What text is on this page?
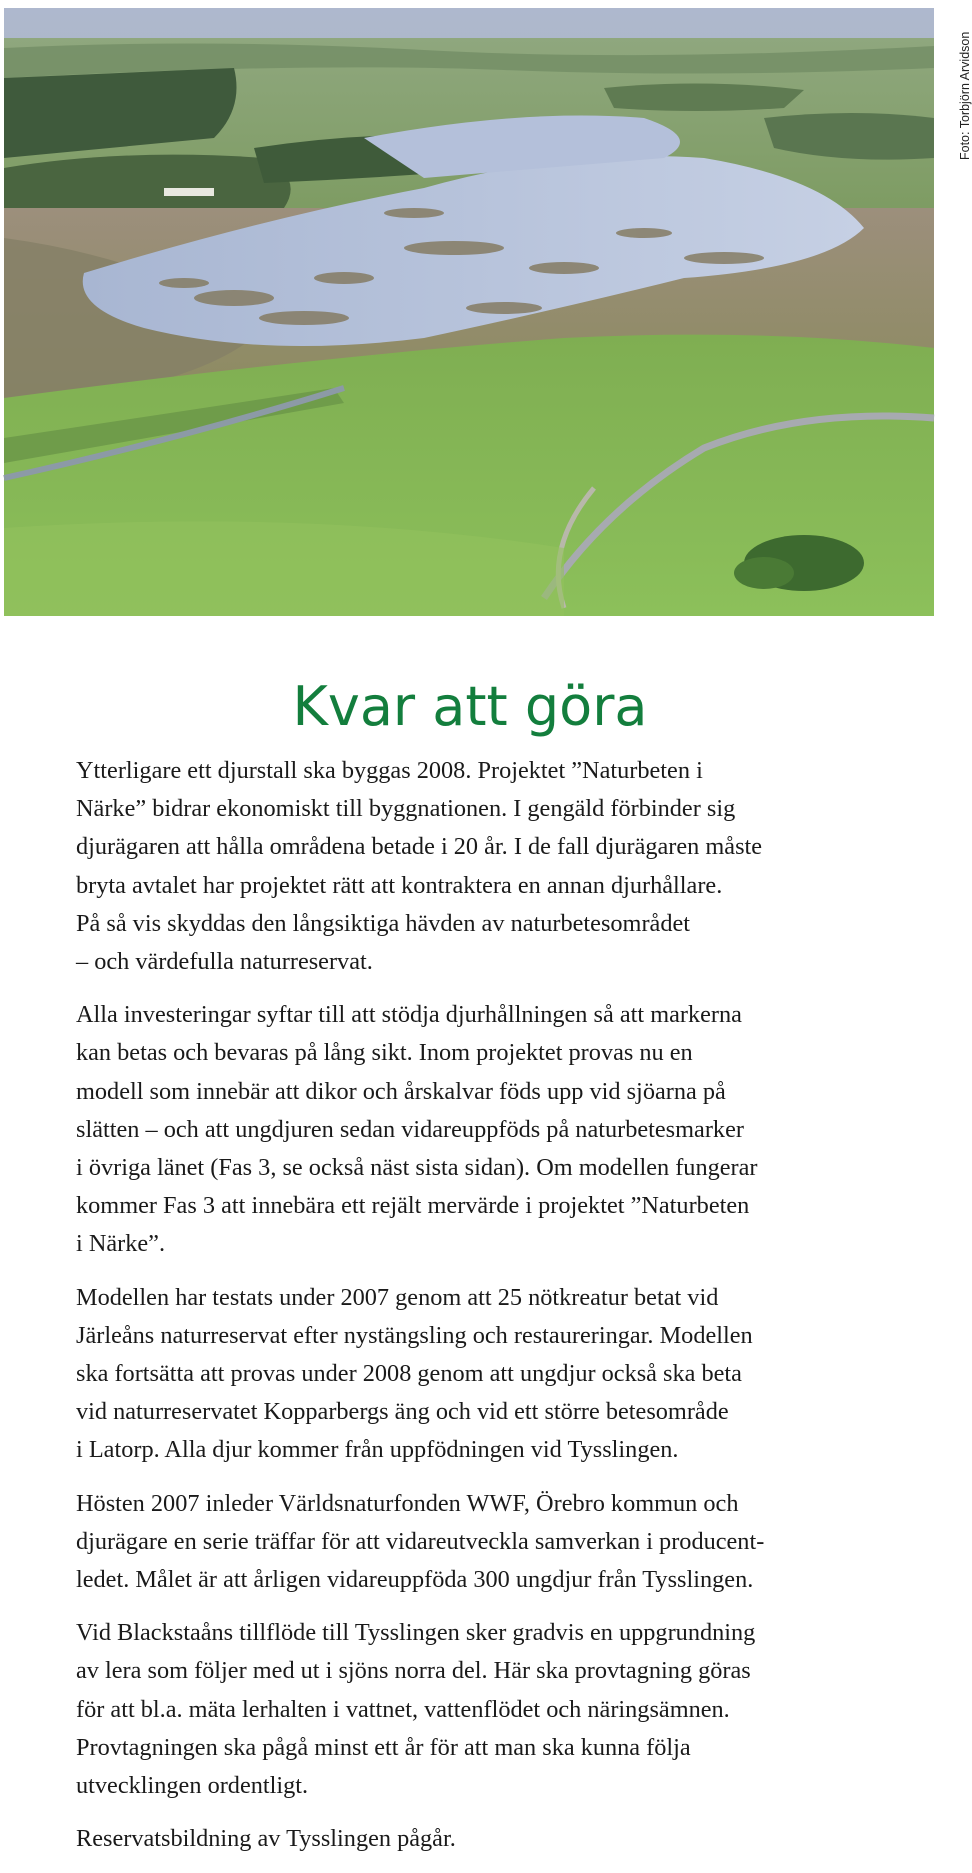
Foto: Torbjörn Arvidson
Kvar att göra

Ytterligare ett djurstall ska byggas 2008. Projektet ”Naturbeten i
Närke” bidrar ekonomiskt till byggnationen. I gengäld förbinder sig
djurägaren att hålla områdena betade i 20 år. I de fall djurägaren måste
bryta avtalet har projektet rätt att kontraktera en annan djurhållare.
På så vis skyddas den långsiktiga hävden av naturbetesområdet
– och värdefulla naturreservat.

Alla investeringar syftar till att stödja djurhållningen så att markerna
kan betas och bevaras på lång sikt. Inom projektet provas nu en
modell som innebär att dikor och årskalvar föds upp vid sjöarna på
slätten – och att ungdjuren sedan vidareuppföds på naturbetesmarker
i övriga länet (Fas 3, se också näst sista sidan). Om modellen fungerar
kommer Fas 3 att innebära ett rejält mervärde i projektet ”Naturbeten
i Närke”.

Modellen har testats under 2007 genom att 25 nötkreatur betat vid
Järleåns naturreservat efter nystängsling och restaureringar. Modellen
ska fortsätta att provas under 2008 genom att ungdjur också ska beta
vid naturreservatet Kopparbergs äng och vid ett större betesområde
i Latorp. Alla djur kommer från uppfödningen vid Tysslingen.

Hösten 2007 inleder Världsnaturfonden WWF, Örebro kommun och
djurägare en serie träffar för att vidareutveckla samverkan i producent-
ledet. Målet är att årligen vidareuppföda 300 ungdjur från Tysslingen.

Vid Blackstaåns tillflöde till Tysslingen sker gradvis en uppgrundning
av lera som följer med ut i sjöns norra del. Här ska provtagning göras
för att bl.a. mäta lerhalten i vattnet, vattenflödet och näringsämnen.
Provtagningen ska pågå minst ett år för att man ska kunna följa
utvecklingen ordentligt.

Reservatsbildning av Tysslingen pågår.
